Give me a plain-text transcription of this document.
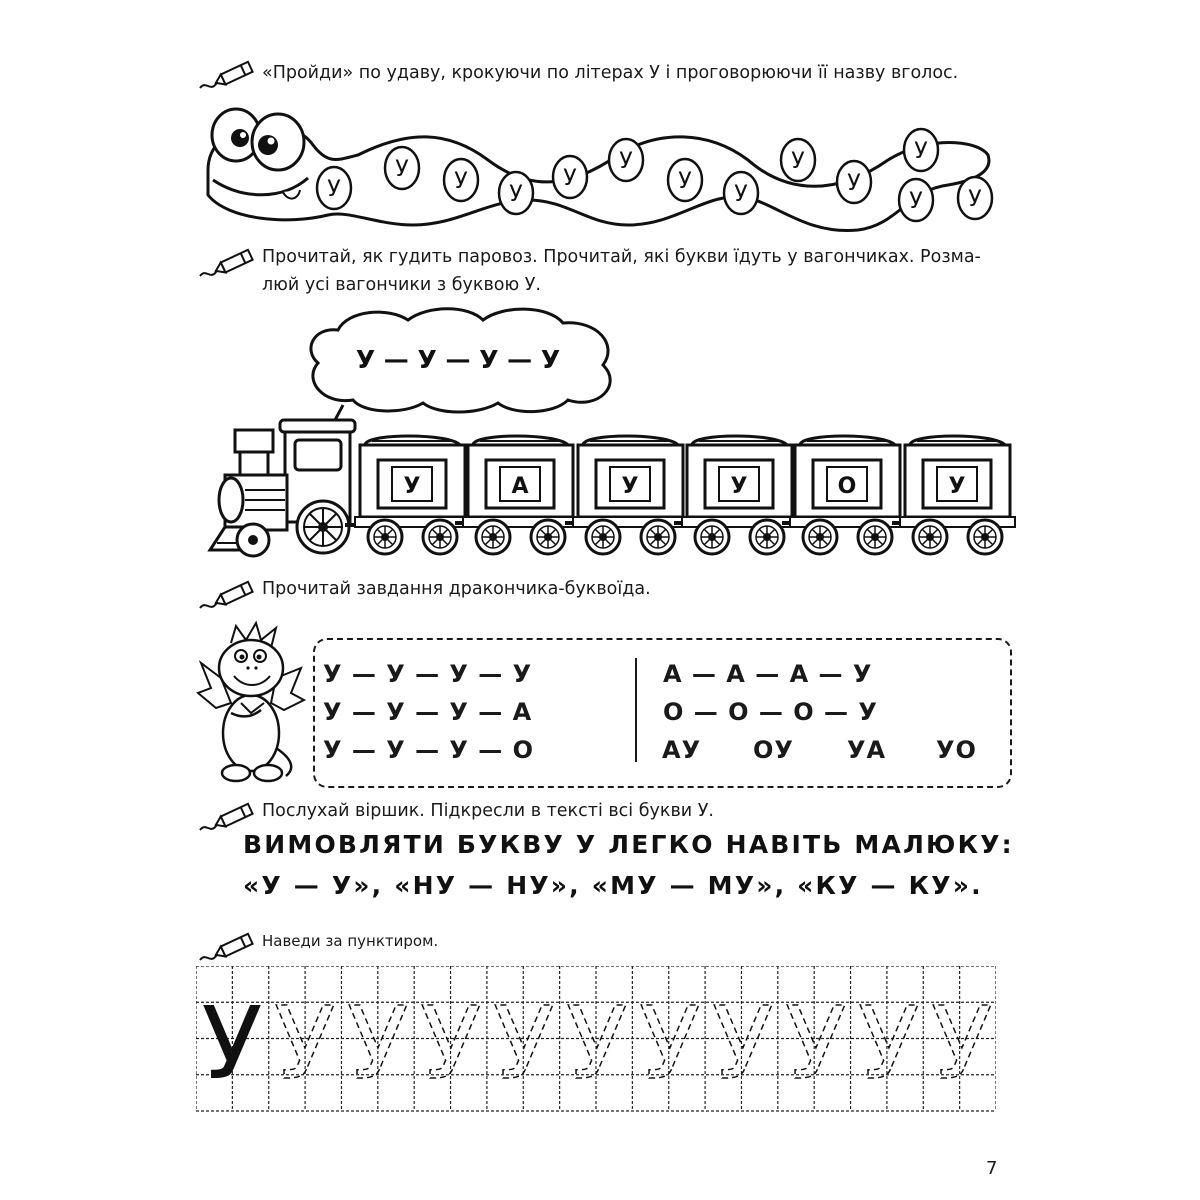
«Пройди» по удаву, крокуючи по літерах У і проговорюючи її назву вголос.
У
У У
У
У
У
У
У
У
У
У У
У
Прочитай, як гудить паровоз. Прочитай, які букви їдуть у вагончиках. Розма-
люй усі вагончики з буквою У.
У — У — У — У
У	А	У	У	О	У
Прочитай завдання дракончика-буквоїда.
У — У — У — У
У — У — У — А
У — У — У — О
А — А — А — У
О — О — О — У
АУ ОУ УА УО
Послухай віршик. Підкресли в тексті всі букви У.
ВИМОВЛЯТИ БУКВУ У ЛЕГКО НАВІТЬ МАЛЮКУ:
«У — У», «НУ — НУ», «МУ — МУ», «КУ — КУ».
Наведи за пунктиром.
У У У У У У У У У У У
7
